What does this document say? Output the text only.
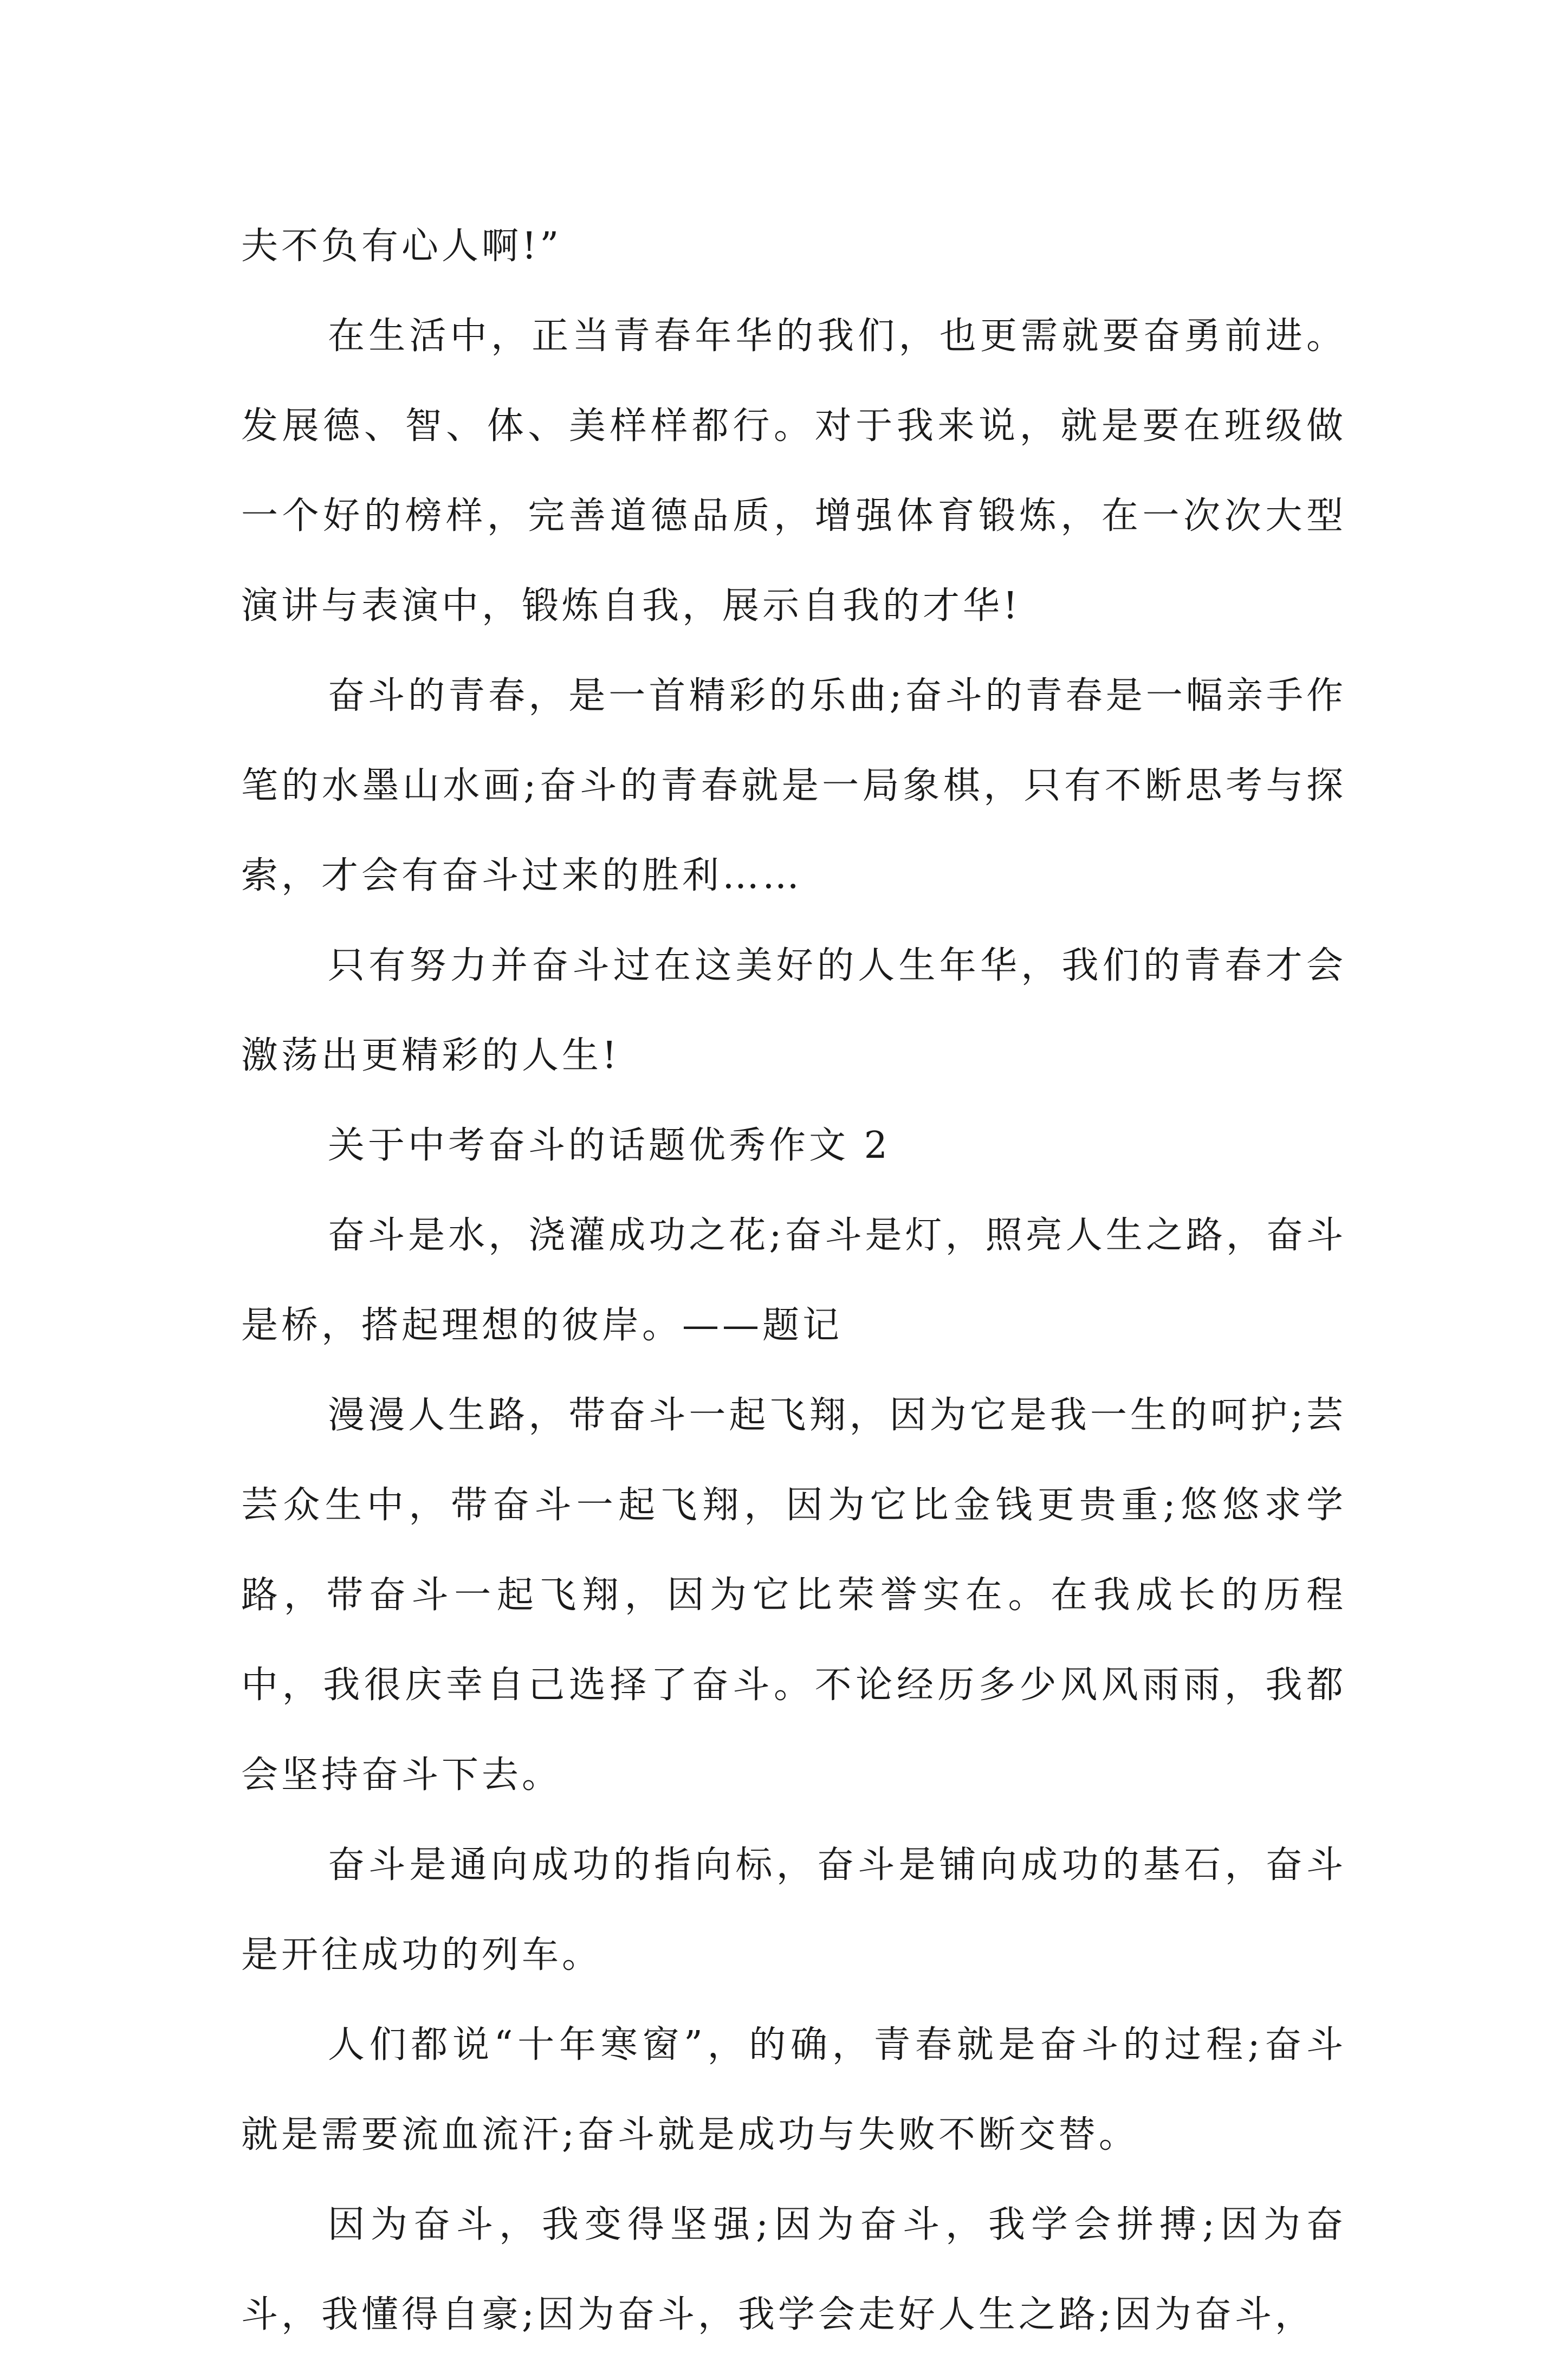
夫不负有心人啊!”

在生活中，正当青春年华的我们，也更需就要奋勇前进。发展德、智、体、美样样都行。对于我来说，就是要在班级做一个好的榜样，完善道德品质，增强体育锻炼，在一次次大型演讲与表演中，锻炼自我，展示自我的才华!

奋斗的青春，是一首精彩的乐曲;奋斗的青春是一幅亲手作笔的水墨山水画;奋斗的青春就是一局象棋，只有不断思考与探索，才会有奋斗过来的胜利……

只有努力并奋斗过在这美好的人生年华，我们的青春才会激荡出更精彩的人生!

关于中考奋斗的话题优秀作文 2

奋斗是水，浇灌成功之花;奋斗是灯，照亮人生之路，奋斗是桥，搭起理想的彼岸。——题记

漫漫人生路，带奋斗一起飞翔，因为它是我一生的呵护;芸芸众生中，带奋斗一起飞翔，因为它比金钱更贵重;悠悠求学路，带奋斗一起飞翔，因为它比荣誉实在。在我成长的历程中，我很庆幸自己选择了奋斗。不论经历多少风风雨雨，我都会坚持奋斗下去。

奋斗是通向成功的指向标，奋斗是铺向成功的基石，奋斗是开往成功的列车。

人们都说“十年寒窗”，的确，青春就是奋斗的过程;奋斗就是需要流血流汗;奋斗就是成功与失败不断交替。

因为奋斗，我变得坚强;因为奋斗，我学会拼搏;因为奋斗，我懂得自豪;因为奋斗，我学会走好人生之路;因为奋斗，
